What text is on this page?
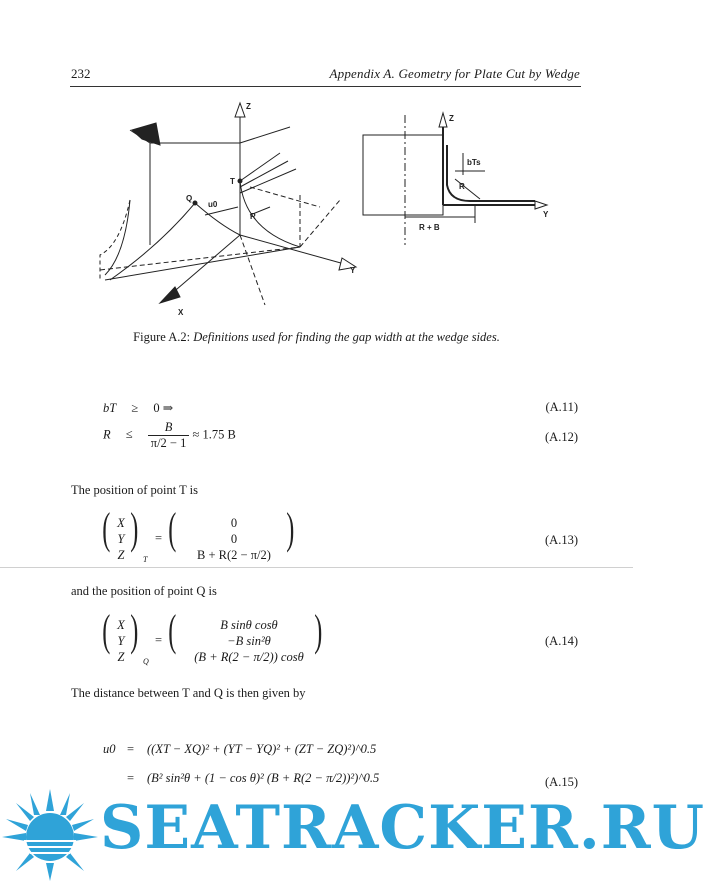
232	Appendix A. Geometry for Plate Cut by Wedge
Z
X
Y
T
Q
u0
R
Z
Y
R
bTs
R + B
Figure A.2: Definitions used for finding the gap width at the wedge sides.
bT ≥ 0 ⇒	(A.11)
$R \le \frac{B}{\pi/2 - 1} \approx 1.75$ B	(A.12)
The position of point T is
( X
Y
Z
)
T
= (	0
0
B + R(2 − π/2)
)	(A.13)
and the position of point Q is
( X
Y
Z
)
Q
= (	B sinθ cosθ
−B sin²θ
(B + R(2 − π/2)) cosθ
)	(A.14)
The distance between T and Q is then given by
u0 = ((XT − XQ)² + (YT − YQ)² + (ZT − ZQ)²)^0.5
= (B² sin²θ + (1 − cos θ)² (B + R(2 − π/2))²)^0.5	(A.15)
SEATRACKER.RU
